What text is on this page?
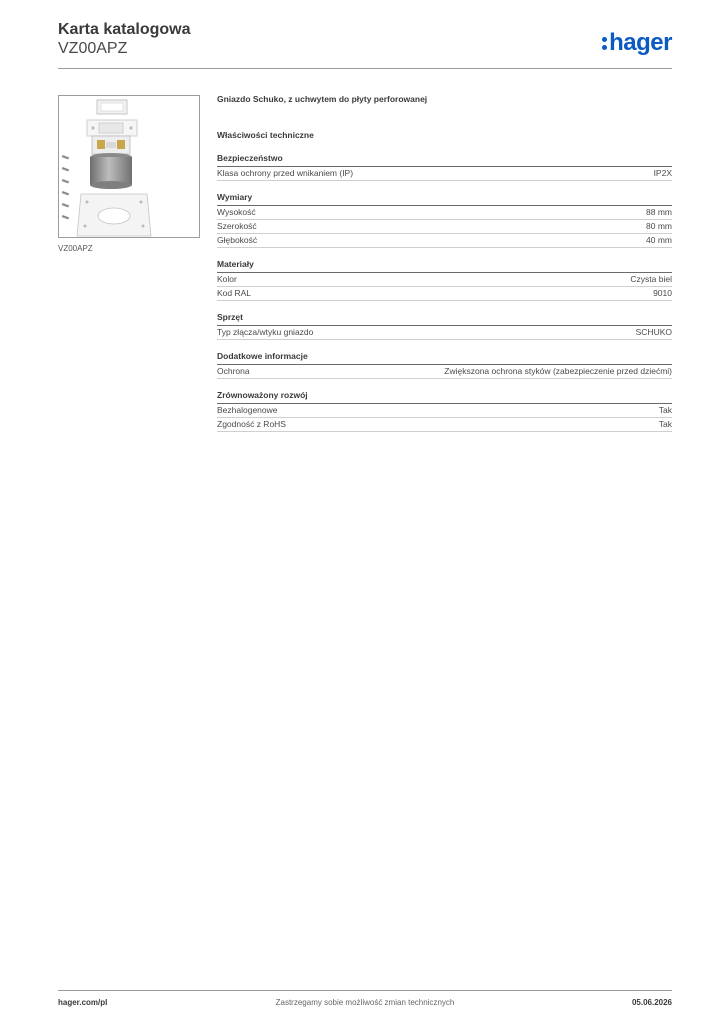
Karta katalogowa
VZ00APZ	hager
VZ00APZ
Gniazdo Schuko, z uchwytem do płyty perforowanej
Właściwości techniczne
Bezpieczeństwo
Klasa ochrony przed wnikaniem (IP)	IP2X
Wymiary
Wysokość	88 mm
Szerokość	80 mm
Głębokość	40 mm
Materiały
Kolor	Czysta biel
Kod RAL	9010
Sprzęt
Typ złącza/wtyku gniazdo	SCHUKO
Dodatkowe informacje
Ochrona	Zwiększona ochrona styków (zabezpieczenie przed dziećmi)
Zrównoważony rozwój
Bezhalogenowe	Tak
Zgodność z RoHS	Tak
hager.com/pl	Zastrzegamy sobie możliwość zmian technicznych	05.06.2026
